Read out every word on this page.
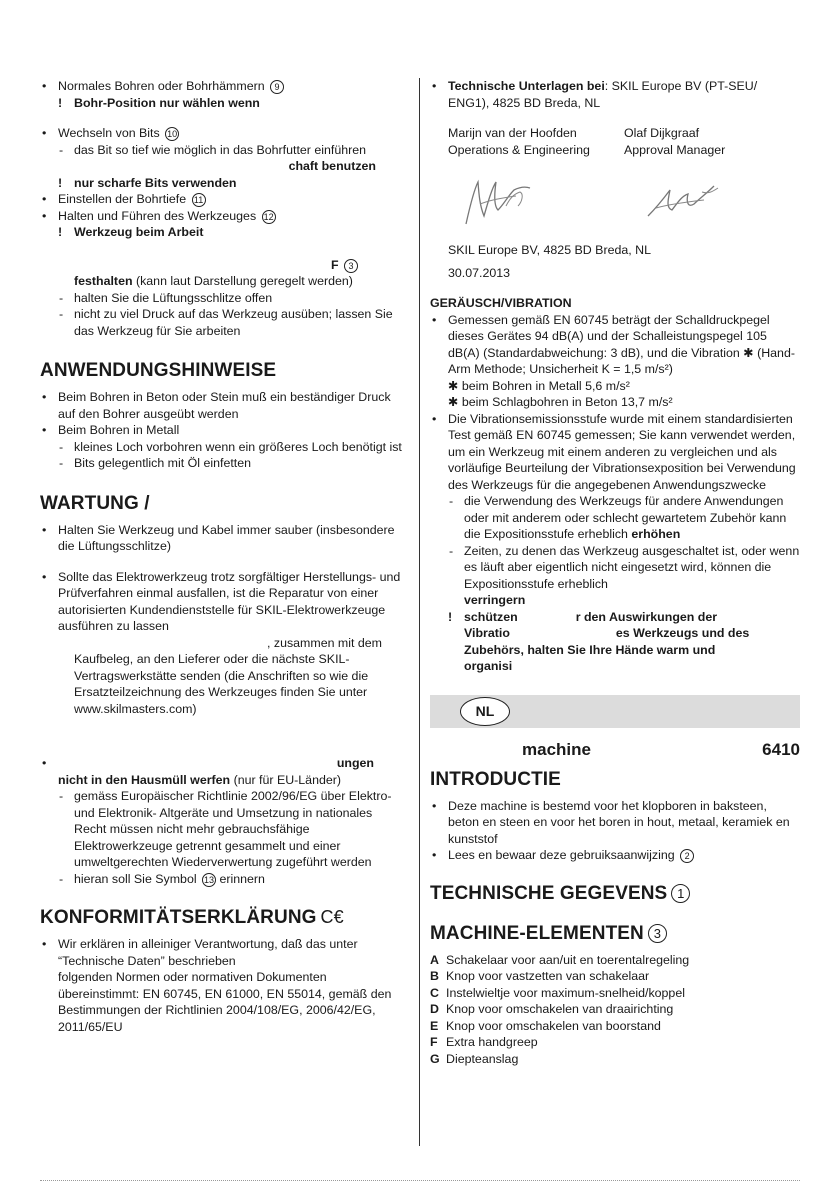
• Normales Bohren oder Bohrhämmern 9
! Bohr-Position nur wählen wenn
• Wechseln von Bits 10
- das Bit so tief wie möglich in das Bohrfutter einführen
chaft benutzen
! nur scharfe Bits verwenden
• Einstellen der Bohrtiefe 11
• Halten und Führen des Werkzeuges 12
! Werkzeug beim Arbeit
F 3
festhalten (kann laut Darstellung geregelt werden)
- halten Sie die Lüftungsschlitze offen
- nicht zu viel Druck auf das Werkzeug ausüben; lassen Sie das Werkzeug für Sie arbeiten
ANWENDUNGSHINWEISE
• Beim Bohren in Beton oder Stein muß ein beständiger Druck auf den Bohrer ausgeübt werden
• Beim Bohren in Metall
- kleines Loch vorbohren wenn ein größeres Loch benötigt ist
- Bits gelegentlich mit Öl einfetten
WARTUNG /
• Halten Sie Werkzeug und Kabel immer sauber (insbesondere die Lüftungsschlitze)
• Sollte das Elektrowerkzeug trotz sorgfältiger Herstellungs- und Prüfverfahren einmal ausfallen, ist die Reparatur von einer autorisierten Kundendienststelle für SKIL-Elektrowerkzeuge ausführen zu lassen
, zusammen mit dem
Kaufbeleg, an den Lieferer oder die nächste SKIL-Vertragswerkstätte senden (die Anschriften so wie die Ersatzteilzeichnung des Werkzeuges finden Sie unter www.skilmasters.com)
• ungen
nicht in den Hausmüll werfen (nur für EU-Länder)
- gemäss Europäischer Richtlinie 2002/96/EG über Elektro- und Elektronik- Altgeräte und Umsetzung in nationales Recht müssen nicht mehr gebrauchsfähige Elektrowerkzeuge getrennt gesammelt und einer umweltgerechten Wiederverwertung zugeführt werden
- hieran soll Sie Symbol 13 erinnern
KONFORMITÄTSERKLÄRUNG C€
• Wir erklären in alleiniger Verantwortung, daß das unter “Technische Daten” beschrieben
folgenden Normen oder normativen Dokumenten übereinstimmt: EN 60745, EN 61000, EN 55014, gemäß den Bestimmungen der Richtlinien 2004/108/EG, 2006/42/EG, 2011/65/EU
• Technische Unterlagen bei: SKIL Europe BV (PT-SEU/ ENG1), 4825 BD Breda, NL
Marijn van der Hoofden
Operations & Engineering
Olaf Dijkgraaf
Approval Manager
SKIL Europe BV, 4825 BD Breda, NL
30.07.2013
GERÄUSCH/VIBRATION
• Gemessen gemäß EN 60745 beträgt der Schalldruckpegel dieses Gerätes 94 dB(A) und der Schalleistungspegel 105 dB(A) (Standardabweichung: 3 dB), und die Vibration ✱ (Hand-Arm Methode; Unsicherheit K = 1,5 m/s²)
✱ beim Bohren in Metall 5,6 m/s²
✱ beim Schlagbohren in Beton 13,7 m/s²
• Die Vibrationsemissionsstufe wurde mit einem standardisierten Test gemäß EN 60745 gemessen; Sie kann verwendet werden, um ein Werkzeug mit einem anderen zu vergleichen und als vorläufige Beurteilung der Vibrationsexposition bei Verwendung des Werkzeugs für die angegebenen Anwendungszwecke
- die Verwendung des Werkzeugs für andere Anwendungen oder mit anderem oder schlecht gewartetem Zubehör kann die Expositionsstufe erheblich erhöhen
- Zeiten, zu denen das Werkzeug ausgeschaltet ist, oder wenn es läuft aber eigentlich nicht eingesetzt wird, können die Expositionsstufe erheblich
verringern
! schützen	r den Auswirkungen der
Vibratio	es Werkzeugs und des
Zubehörs, halten Sie Ihre Hände warm und
organisi
NL
machine	6410
INTRODUCTIE
• Deze machine is bestemd voor het klopboren in baksteen, beton en steen en voor het boren in hout, metaal, keramiek en kunststof
• Lees en bewaar deze gebruiksaanwijzing 2
TECHNISCHE GEGEVENS 1
MACHINE-ELEMENTEN 3
A Schakelaar voor aan/uit en toerentalregeling
B Knop voor vastzetten van schakelaar
C Instelwieltje voor maximum-snelheid/koppel
D Knop voor omschakelen van draairichting
E Knop voor omschakelen van boorstand
F Extra handgreep
G Diepteanslag
